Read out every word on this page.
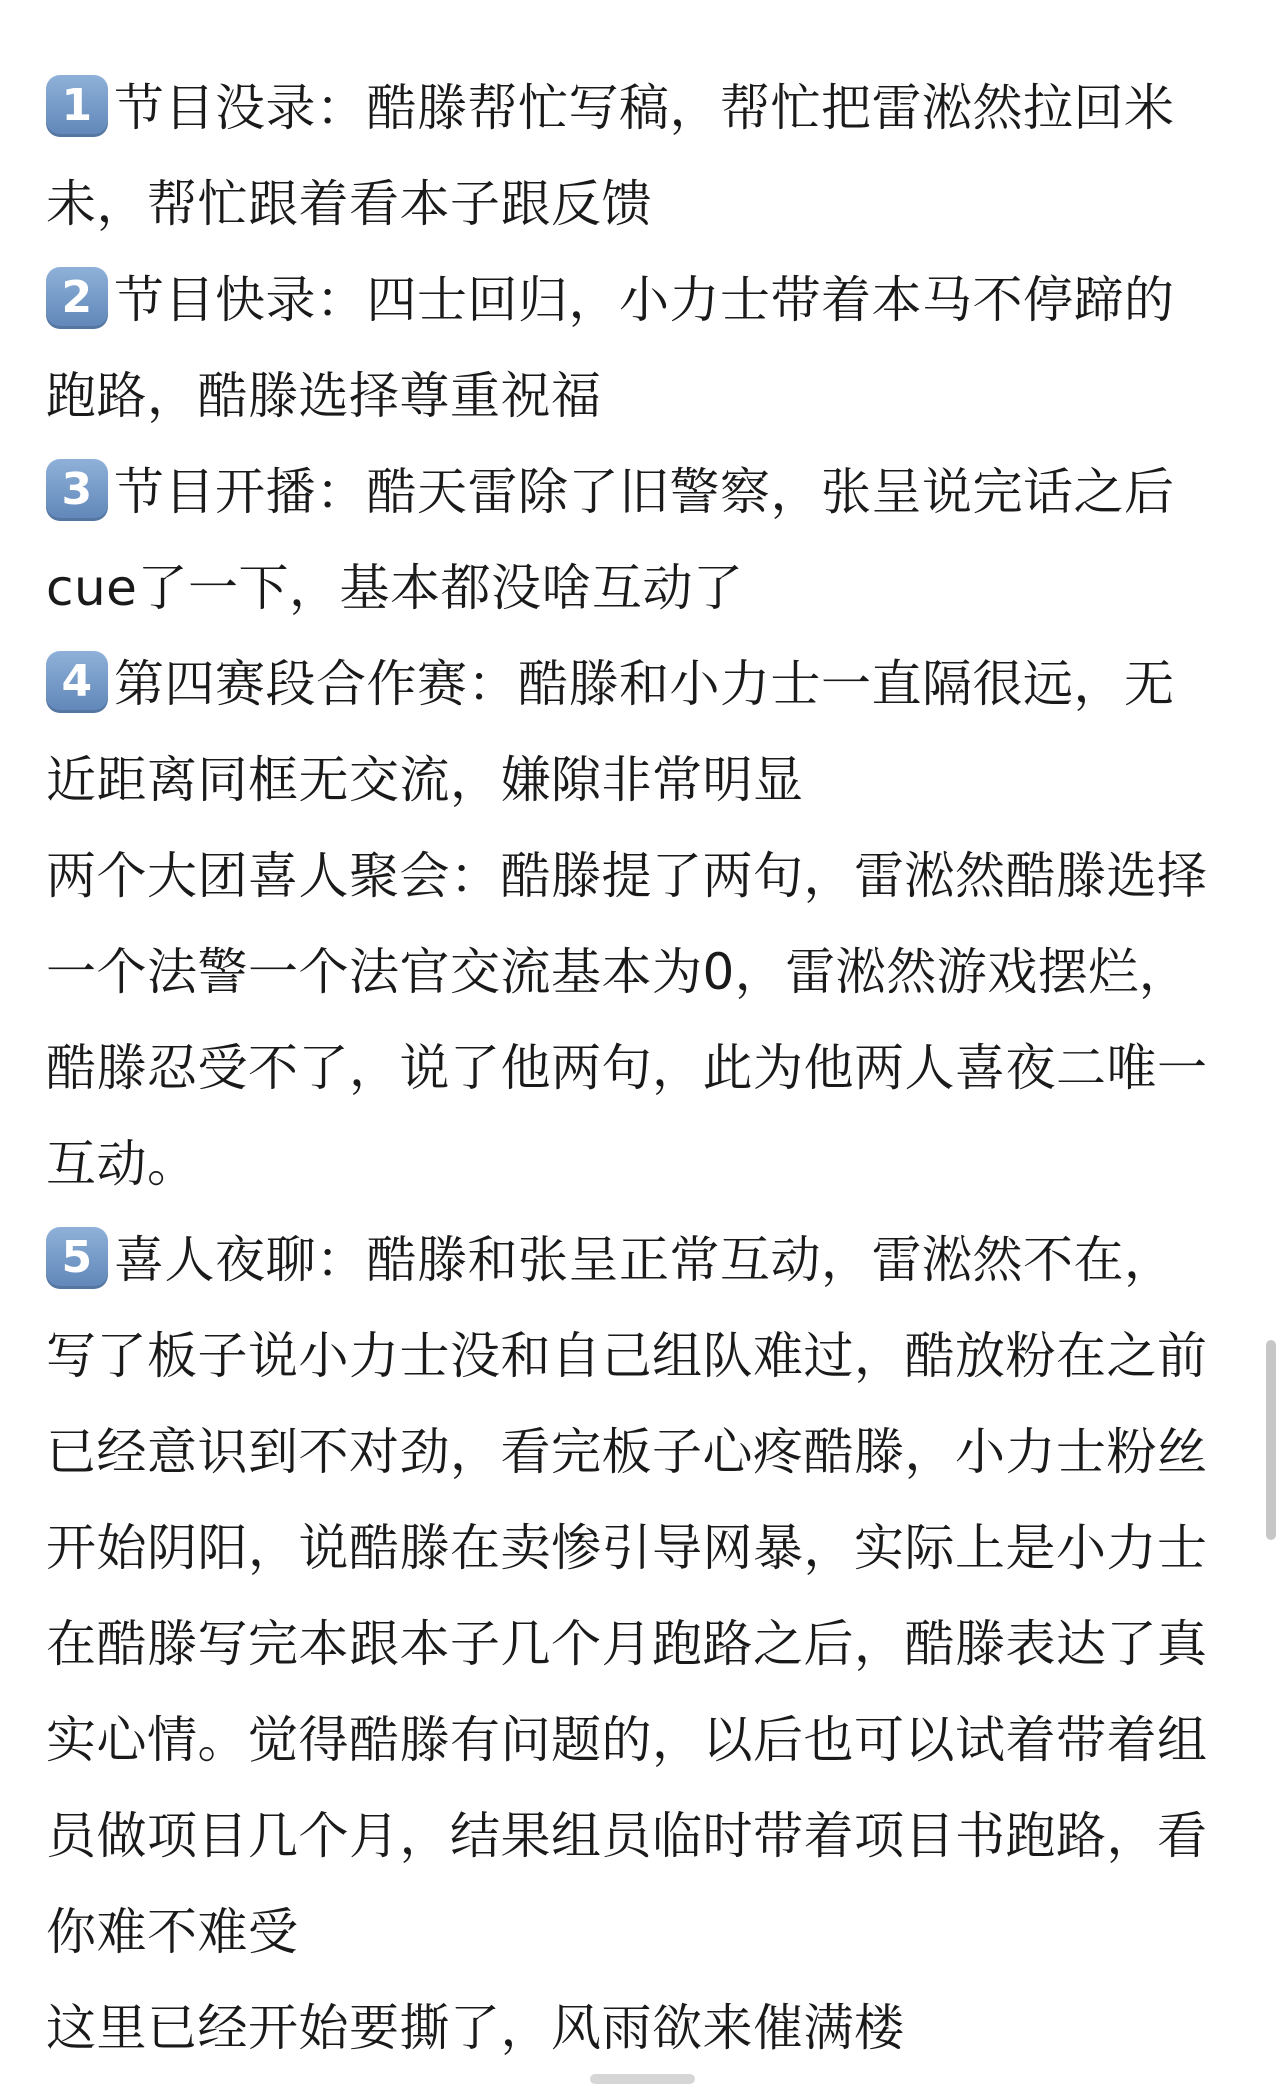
1 节目没录：酷滕帮忙写稿，帮忙把雷淞然拉回米
未，帮忙跟着看本子跟反馈
2 节目快录：四士回归，小力士带着本马不停蹄的
跑路，酷滕选择尊重祝福
3 节目开播：酷天雷除了旧警察，张呈说完话之后
cue了一下，基本都没啥互动了
4 第四赛段合作赛：酷滕和小力士一直隔很远，无
近距离同框无交流，嫌隙非常明显
两个大团喜人聚会：酷滕提了两句，雷淞然酷滕选择
一个法警一个法官交流基本为0，雷淞然游戏摆烂，
酷滕忍受不了，说了他两句，此为他两人喜夜二唯一
互动。
5 喜人夜聊：酷滕和张呈正常互动，雷淞然不在，
写了板子说小力士没和自己组队难过，酷放粉在之前
已经意识到不对劲，看完板子心疼酷滕，小力士粉丝
开始阴阳，说酷滕在卖惨引导网暴，实际上是小力士
在酷滕写完本跟本子几个月跑路之后，酷滕表达了真
实心情。觉得酷滕有问题的，以后也可以试着带着组
员做项目几个月，结果组员临时带着项目书跑路，看
你难不难受
这里已经开始要撕了，风雨欲来催满楼
